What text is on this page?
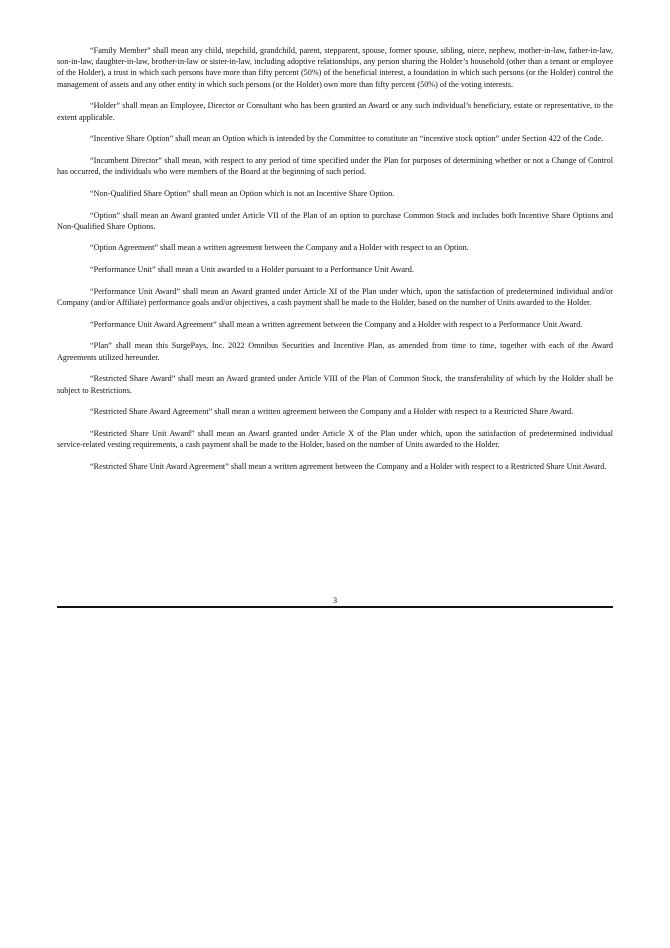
“Family Member” shall mean any child, stepchild, grandchild, parent, stepparent, spouse, former spouse, sibling, niece, nephew, mother-in-law, father-in-law, son-in-law, daughter-in-law, brother-in-law or sister-in-law, including adoptive relationships, any person sharing the Holder’s household (other than a tenant or employee of the Holder), a trust in which such persons have more than fifty percent (50%) of the beneficial interest, a foundation in which such persons (or the Holder) control the management of assets and any other entity in which such persons (or the Holder) own more than fifty percent (50%) of the voting interests.

“Holder” shall mean an Employee, Director or Consultant who has been granted an Award or any such individual’s beneficiary, estate or representative, to the extent applicable.

“Incentive Share Option” shall mean an Option which is intended by the Committee to constitute an “incentive stock option” under Section 422 of the Code.

“Incumbent Director” shall mean, with respect to any period of time specified under the Plan for purposes of determining whether or not a Change of Control has occurred, the individuals who were members of the Board at the beginning of such period.

“Non-Qualified Share Option” shall mean an Option which is not an Incentive Share Option.

“Option” shall mean an Award granted under Article VII of the Plan of an option to purchase Common Stock and includes both Incentive Share Options and Non-Qualified Share Options.

“Option Agreement” shall mean a written agreement between the Company and a Holder with respect to an Option.

“Performance Unit” shall mean a Unit awarded to a Holder pursuant to a Performance Unit Award.

“Performance Unit Award” shall mean an Award granted under Article XI of the Plan under which, upon the satisfaction of predetermined individual and/or Company (and/or Affiliate) performance goals and/or objectives, a cash payment shall be made to the Holder, based on the number of Units awarded to the Holder.

“Performance Unit Award Agreement” shall mean a written agreement between the Company and a Holder with respect to a Performance Unit Award.

“Plan” shall mean this SurgePays, Inc. 2022 Omnibus Securities and Incentive Plan, as amended from time to time, together with each of the Award Agreements utilized hereunder.

“Restricted Share Award” shall mean an Award granted under Article VIII of the Plan of Common Stock, the transferability of which by the Holder shall be subject to Restrictions.

“Restricted Share Award Agreement” shall mean a written agreement between the Company and a Holder with respect to a Restricted Share Award.

“Restricted Share Unit Award” shall mean an Award granted under Article X of the Plan under which, upon the satisfaction of predetermined individual service-related vesting requirements, a cash payment shall be made to the Holder, based on the number of Units awarded to the Holder.

“Restricted Share Unit Award Agreement” shall mean a written agreement between the Company and a Holder with respect to a Restricted Share Unit Award.

3
